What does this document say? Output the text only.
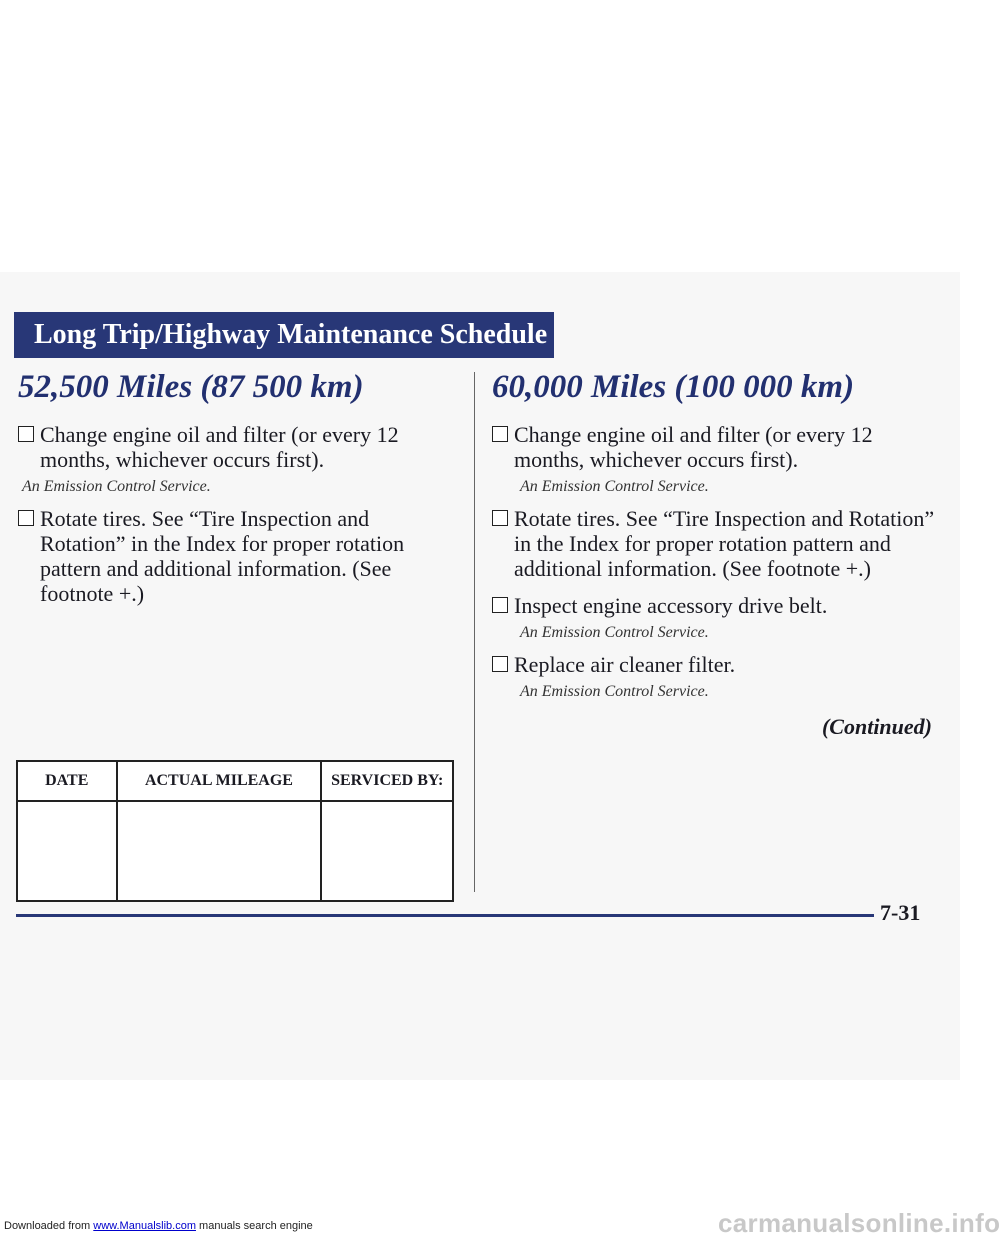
Long Trip/Highway Maintenance Schedule
52,500 Miles (87 500 km)
Change engine oil and filter (or every 12 months, whichever occurs first).
An Emission Control Service.
Rotate tires. See “Tire Inspection and Rotation” in the Index for proper rotation pattern and additional information. (See footnote +.)
DATE	ACTUAL MILEAGE	SERVICED BY:

60,000 Miles (100 000 km)
Change engine oil and filter (or every 12 months, whichever occurs first).
An Emission Control Service.
Rotate tires. See “Tire Inspection and Rotation” in the Index for proper rotation pattern and additional information. (See footnote +.)
Inspect engine accessory drive belt.
An Emission Control Service.
Replace air cleaner filter.
An Emission Control Service.
(Continued)
7-31
Downloaded from www.Manualslib.com manuals search engine	carmanualsonline.info
